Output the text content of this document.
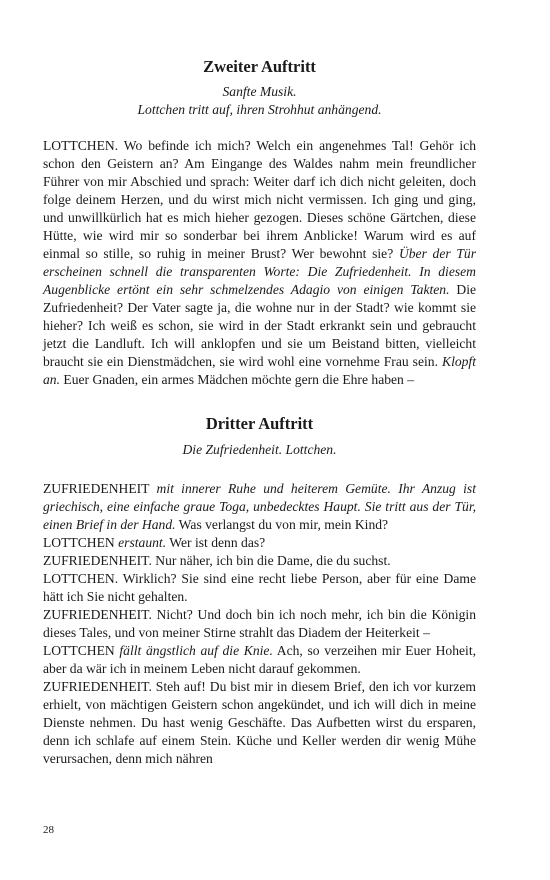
Zweiter Auftritt

Sanfte Musik.

Lottchen tritt auf, ihren Strohhut anhängend.

LOTTCHEN. Wo befinde ich mich? Welch ein angenehmes Tal! Gehör ich schon den Geistern an? Am Eingange des Waldes nahm mein freundlicher Führer von mir Abschied und sprach: Weiter darf ich dich nicht geleiten, doch folge deinem Herzen, und du wirst mich nicht vermissen. Ich ging und ging, und unwillkürlich hat es mich hieher gezogen. Dieses schöne Gärtchen, diese Hütte, wie wird mir so sonderbar bei ihrem Anblicke! Warum wird es auf einmal so stille, so ruhig in meiner Brust? Wer bewohnt sie? Über der Tür erscheinen schnell die transparenten Worte: Die Zufriedenheit. In diesem Augenblicke ertönt ein sehr schmelzendes Adagio von einigen Takten. Die Zufriedenheit? Der Vater sagte ja, die wohne nur in der Stadt? wie kommt sie hieher? Ich weiß es schon, sie wird in der Stadt erkrankt sein und gebraucht jetzt die Landluft. Ich will anklopfen und sie um Beistand bitten, vielleicht braucht sie ein Dienstmädchen, sie wird wohl eine vornehme Frau sein. Klopft an. Euer Gnaden, ein armes Mädchen möchte gern die Ehre haben –

Dritter Auftritt

Die Zufriedenheit. Lottchen.

ZUFRIEDENHEIT mit innerer Ruhe und heiterem Gemüte. Ihr Anzug ist griechisch, eine einfache graue Toga, unbedecktes Haupt. Sie tritt aus der Tür, einen Brief in der Hand. Was verlangst du von mir, mein Kind?

LOTTCHEN erstaunt. Wer ist denn das?

ZUFRIEDENHEIT. Nur näher, ich bin die Dame, die du suchst.

LOTTCHEN. Wirklich? Sie sind eine recht liebe Person, aber für eine Dame hätt ich Sie nicht gehalten.

ZUFRIEDENHEIT. Nicht? Und doch bin ich noch mehr, ich bin die Königin dieses Tales, und von meiner Stirne strahlt das Diadem der Heiterkeit –

LOTTCHEN fällt ängstlich auf die Knie. Ach, so verzeihen mir Euer Hoheit, aber da wär ich in meinem Leben nicht darauf gekommen.

ZUFRIEDENHEIT. Steh auf! Du bist mir in diesem Brief, den ich vor kurzem erhielt, von mächtigen Geistern schon angekündet, und ich will dich in meine Dienste nehmen. Du hast wenig Geschäfte. Das Aufbetten wirst du ersparen, denn ich schlafe auf einem Stein. Küche und Keller werden dir wenig Mühe verursachen, denn mich nähren

28
